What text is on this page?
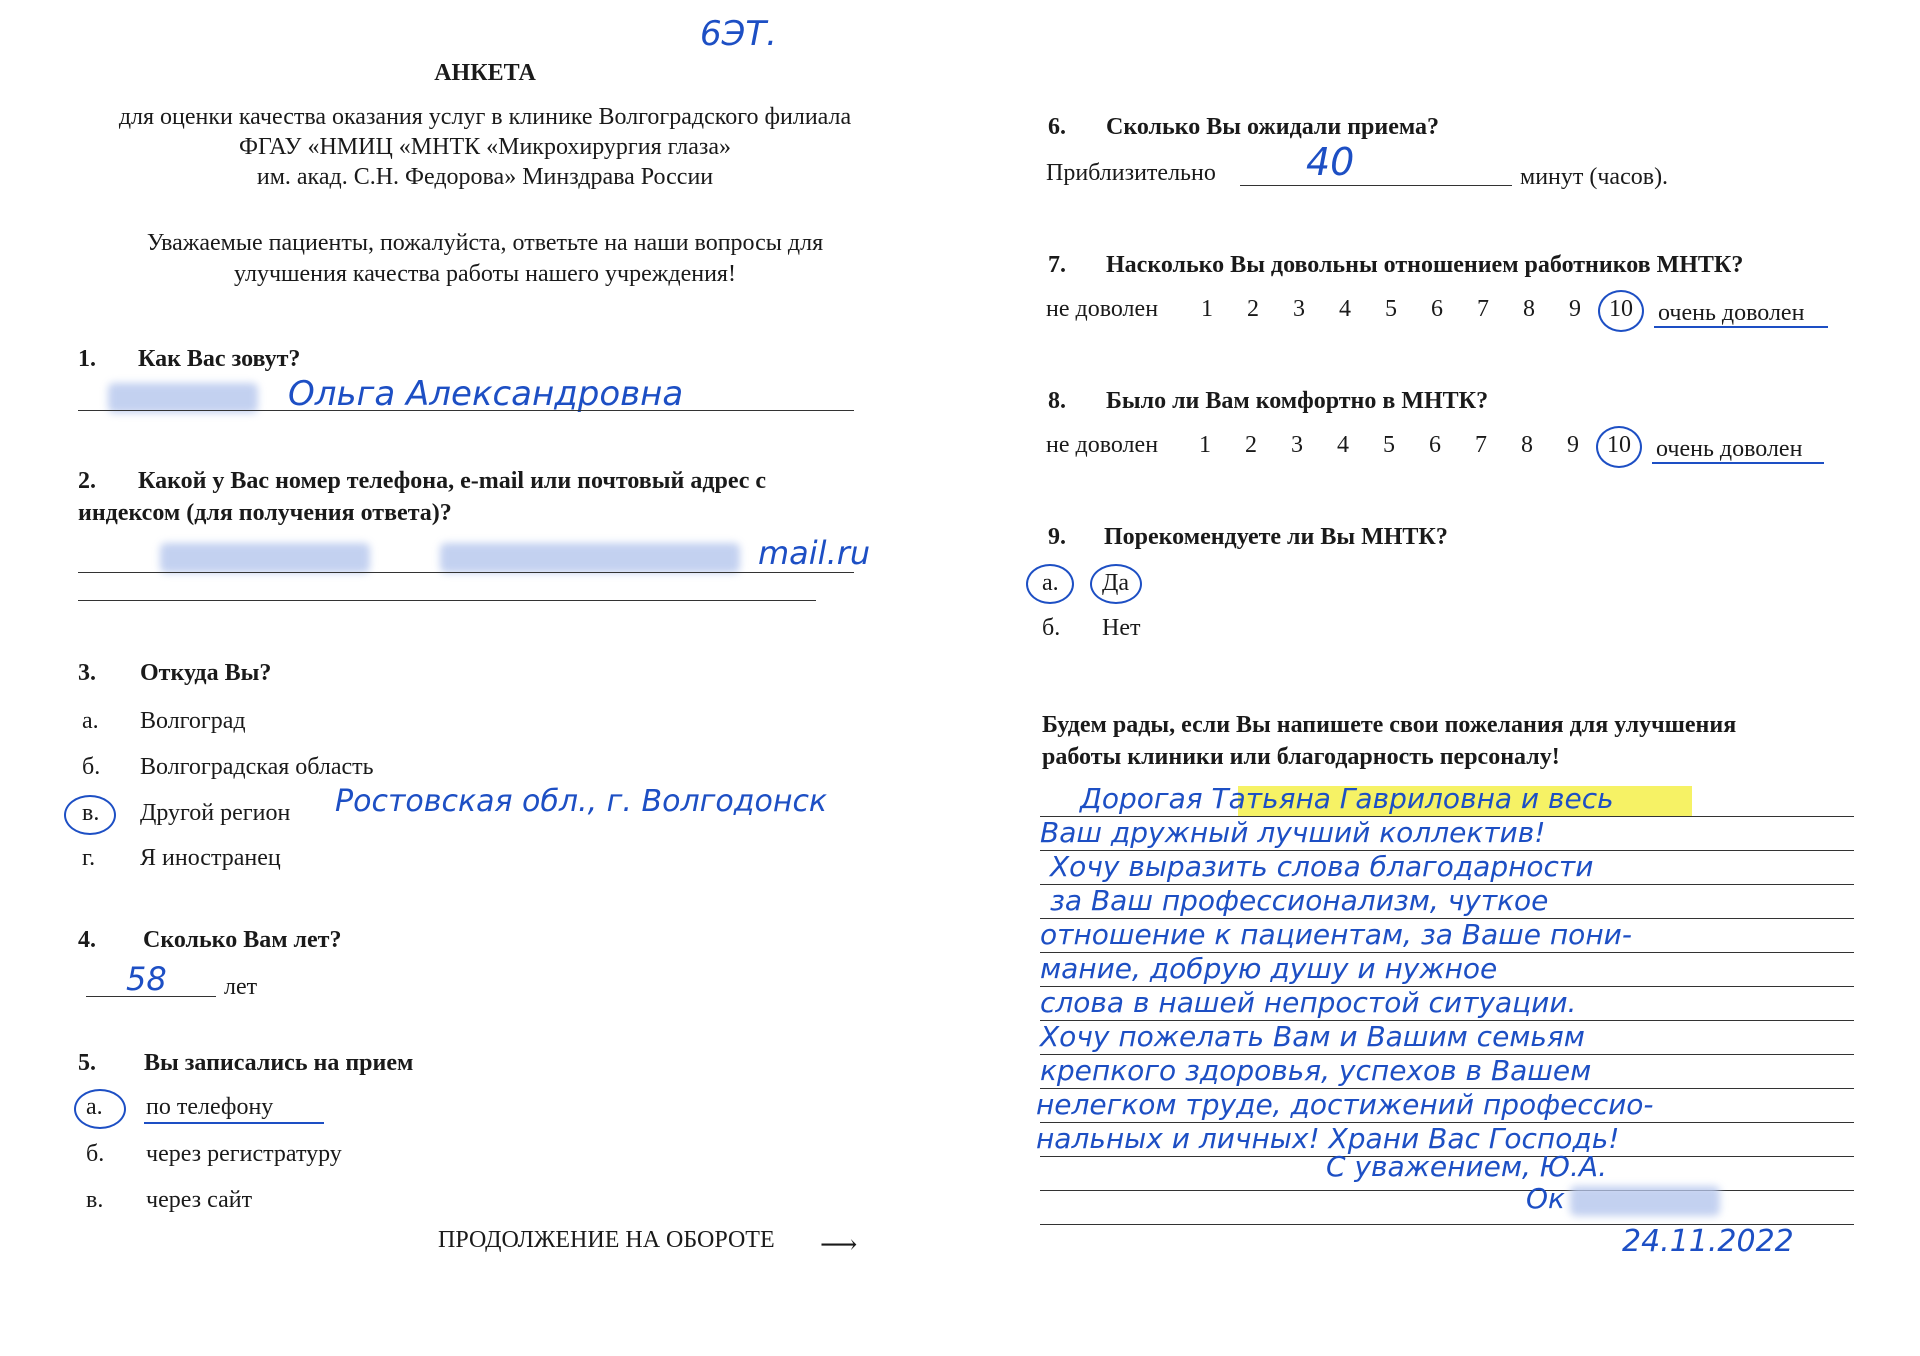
6ЭТ.
АНКЕТА
для оценки качества оказания услуг в клинике Волгоградского филиала
ФГАУ «НМИЦ «МНТК «Микрохирургия глаза»
им. акад. С.Н. Федорова» Минздрава России
Уважаемые пациенты, пожалуйста, ответьте на наши вопросы для
улучшения качества работы нашего учреждения!
1. Как Вас зовут?
Ольга Александровна
2. Какой у Вас номер телефона, e-mail или почтовый адрес с
индексом (для получения ответа)?
mail.ru
3. Откуда Вы?
а. Волгоград
б. Волгоградская область
в. Другой регион Ростовская обл., г. Волгодонск
г. Я иностранец
4. Сколько Вам лет?
58 лет
5. Вы записались на прием
а. по телефону
б. через регистратуру
в. через сайт
ПРОДОЛЖЕНИЕ НА ОБОРОТЕ ⟶
6. Сколько Вы ожидали приема?
Приблизительно 40	минут (часов).
7. Насколько Вы довольны отношением работников МНТК?
не доволен	1 2 3 4 5 6 7 8 9 10	очень доволен
8. Было ли Вам комфортно в МНТК?
не доволен	1 2 3 4 5 6 7 8 9 10	очень доволен
9. Порекомендуете ли Вы МНТК?
а. Да
б. Нет
Будем рады, если Вы напишете свои пожелания для улучшения
работы клиники или благодарность персоналу!
Дорогая Татьяна Гавриловна и весь
Ваш дружный лучший коллектив!
Хочу выразить слова благодарности
за Ваш профессионализм, чуткое
отношение к пациентам, за Ваше пони-
мание, добрую душу и нужное
слова в нашей непростой ситуации.
Хочу пожелать Вам и Вашим семьям
крепкого здоровья, успехов в Вашем
нелегком труде, достижений профессио-
нальных и личных! Храни Вас Господь!
С уважением, Ю.А.
Ок
24.11.2022
